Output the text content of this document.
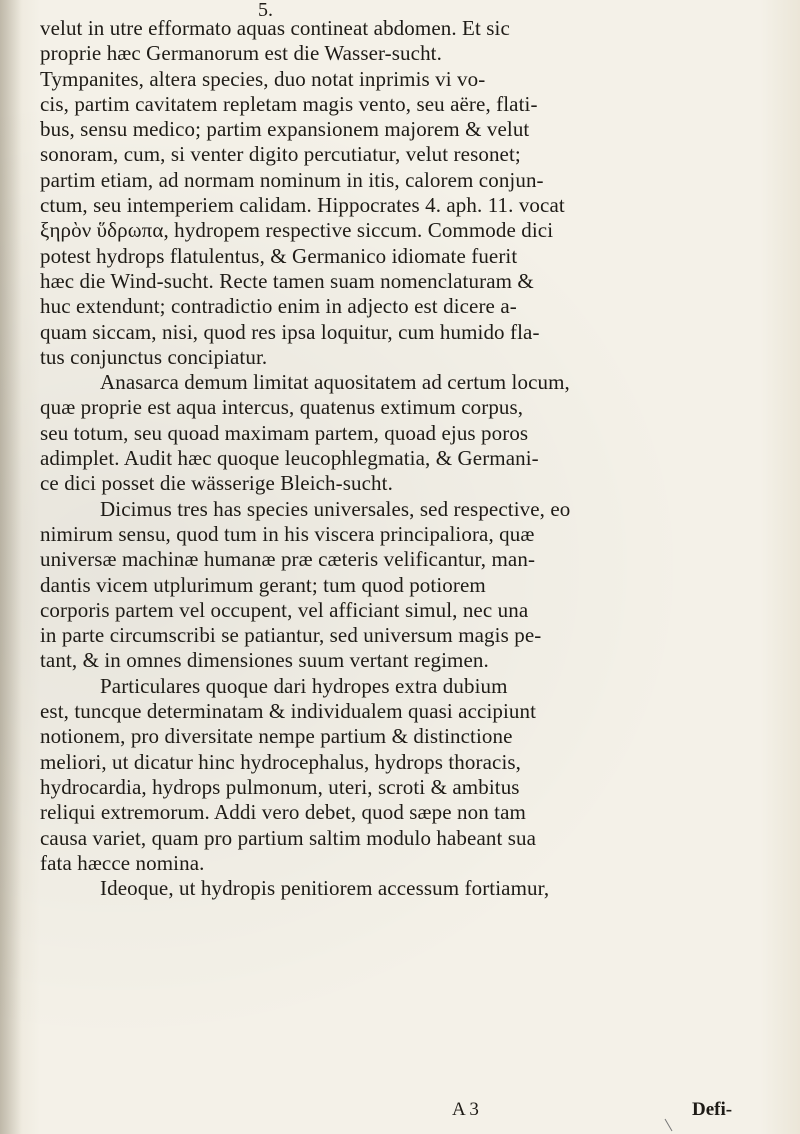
5.
velut in utre efformato aquas contineat abdomen. Et sic
proprie hæc Germanorum est die Wasser-sucht.
Tympanites, altera species, duo notat inprimis vi vo-
cis, partim cavitatem repletam magis vento, seu aëre, flati-
bus, sensu medico; partim expansionem majorem & velut
sonoram, cum, si venter digito percutiatur, velut resonet;
partim etiam, ad normam nominum in itis, calorem conjun-
ctum, seu intemperiem calidam. Hippocrates 4. aph. 11. vocat
ξηρὸν ὕδρωπα, hydropem respective siccum. Commode dici
potest hydrops flatulentus, & Germanico idiomate fuerit
hæc die Wind-sucht. Recte tamen suam nomenclaturam &
huc extendunt; contradictio enim in adjecto est dicere a-
quam siccam, nisi, quod res ipsa loquitur, cum humido fla-
tus conjunctus concipiatur.
Anasarca demum limitat aquositatem ad certum locum,
quæ proprie est aqua intercus, quatenus extimum corpus,
seu totum, seu quoad maximam partem, quoad ejus poros
adimplet. Audit hæc quoque leucophlegmatia, & Germani-
ce dici posset die wässerige Bleich-sucht.
Dicimus tres has species universales, sed respective, eo
nimirum sensu, quod tum in his viscera principaliora, quæ
universæ machinæ humanæ præ cæteris velificantur, man-
dantis vicem utplurimum gerant; tum quod potiorem
corporis partem vel occupent, vel afficiant simul, nec una
in parte circumscribi se patiantur, sed universum magis pe-
tant, & in omnes dimensiones suum vertant regimen.
Particulares quoque dari hydropes extra dubium
est, tuncque determinatam & individualem quasi accipiunt
notionem, pro diversitate nempe partium & distinctione
meliori, ut dicatur hinc hydrocephalus, hydrops thoracis,
hydrocardia, hydrops pulmonum, uteri, scroti & ambitus
reliqui extremorum. Addi vero debet, quod sæpe non tam
causa variet, quam pro partium saltim modulo habeant sua
fata hæcce nomina.
Ideoque, ut hydropis penitiorem accessum fortiamur,
A 3	Defi-
